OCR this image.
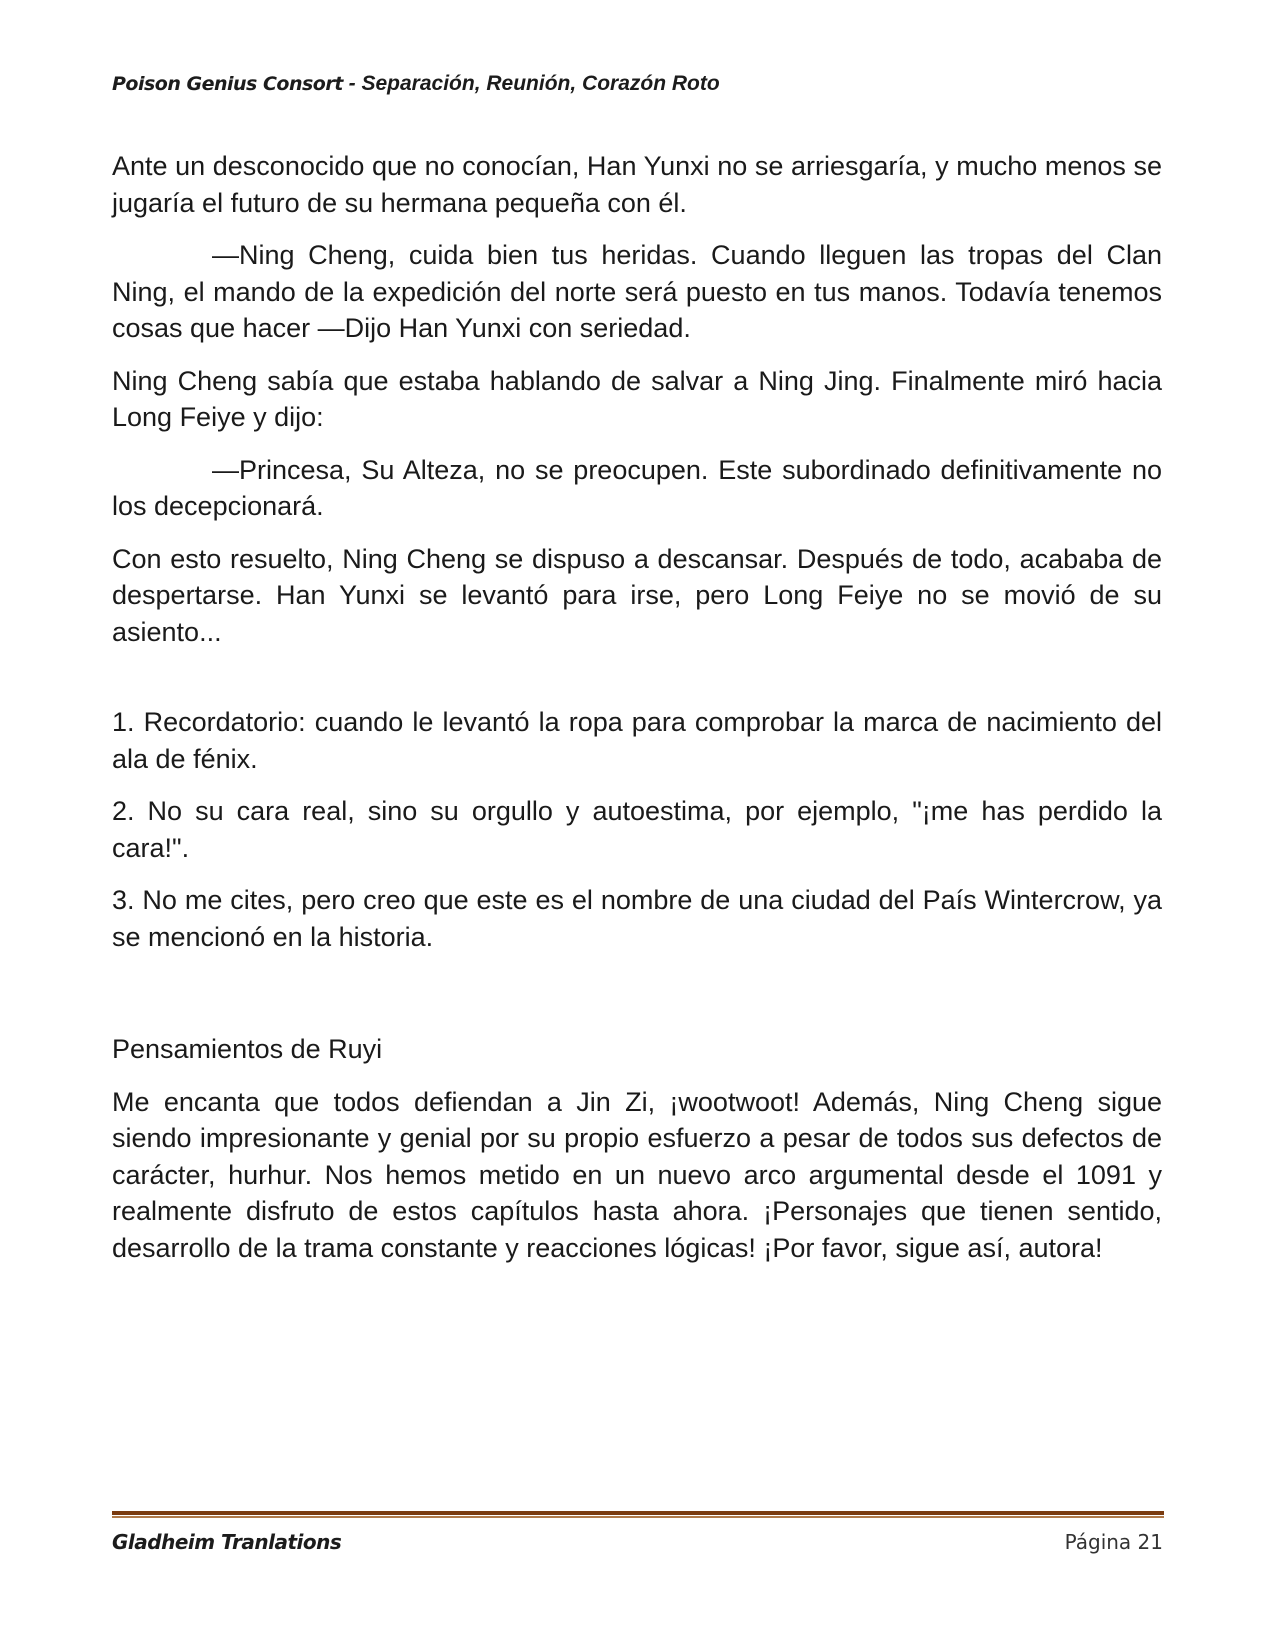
Poison Genius Consort - Separación, Reunión, Corazón Roto

Ante un desconocido que no conocían, Han Yunxi no se arriesgaría, y mucho menos se jugaría el futuro de su hermana pequeña con él.

—Ning Cheng, cuida bien tus heridas. Cuando lleguen las tropas del Clan Ning, el mando de la expedición del norte será puesto en tus manos. Todavía tenemos cosas que hacer —Dijo Han Yunxi con seriedad.

Ning Cheng sabía que estaba hablando de salvar a Ning Jing. Finalmente miró hacia Long Feiye y dijo:

—Princesa, Su Alteza, no se preocupen. Este subordinado definitivamente no los decepcionará.

Con esto resuelto, Ning Cheng se dispuso a descansar. Después de todo, acababa de despertarse. Han Yunxi se levantó para irse, pero Long Feiye no se movió de su asiento...

1. Recordatorio: cuando le levantó la ropa para comprobar la marca de nacimiento del ala de fénix.

2. No su cara real, sino su orgullo y autoestima, por ejemplo, "¡me has perdido la cara!".

3. No me cites, pero creo que este es el nombre de una ciudad del País Wintercrow, ya se mencionó en la historia.

Pensamientos de Ruyi

Me encanta que todos defiendan a Jin Zi, ¡wootwoot! Además, Ning Cheng sigue siendo impresionante y genial por su propio esfuerzo a pesar de todos sus defectos de carácter, hurhur. Nos hemos metido en un nuevo arco argumental desde el 1091 y realmente disfruto de estos capítulos hasta ahora. ¡Personajes que tienen sentido, desarrollo de la trama constante y reacciones lógicas! ¡Por favor, sigue así, autora!

Gladheim Tranlations	Página 21
